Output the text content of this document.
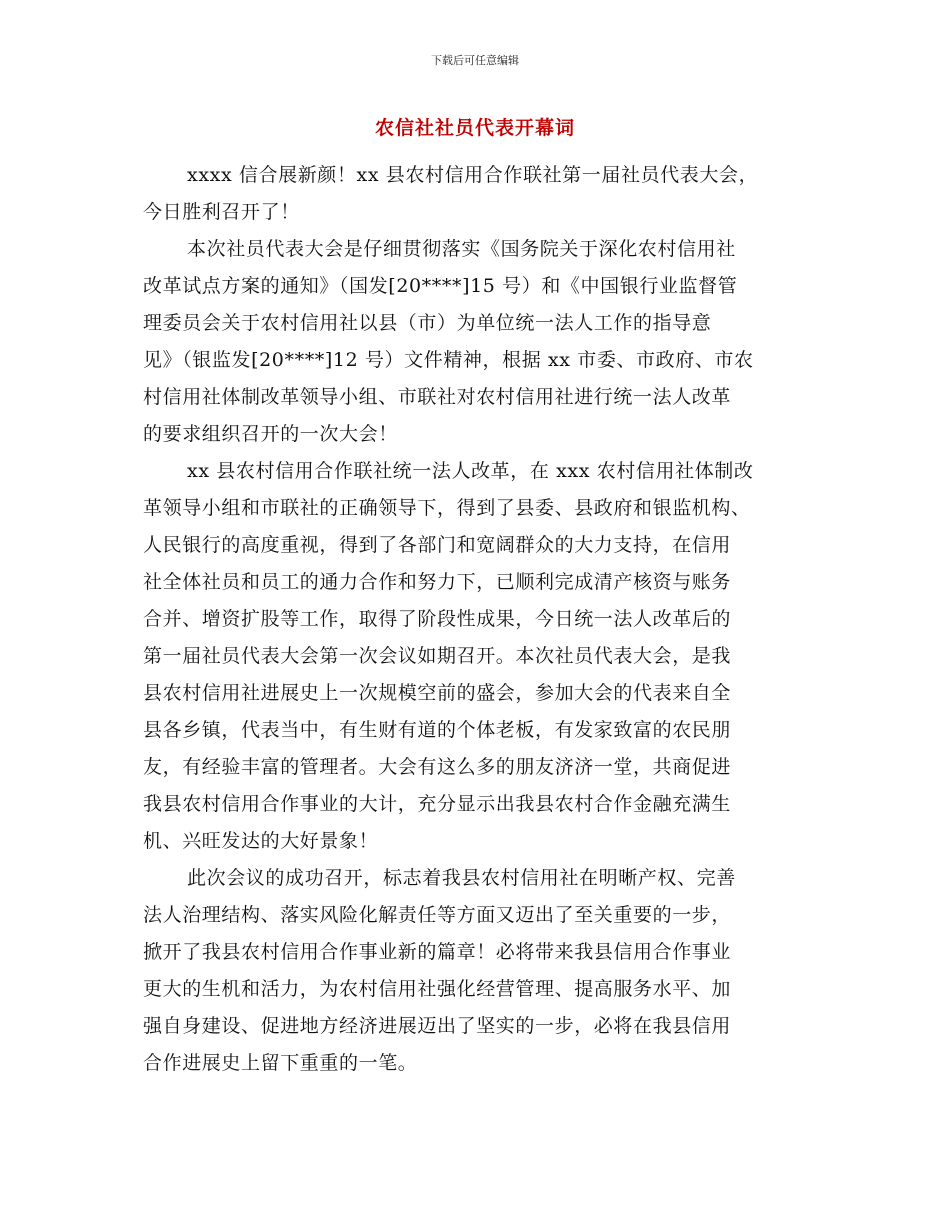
下载后可任意编辑
农信社社员代表开幕词
xxxx 信合展新颜！xx 县农村信用合作联社第一届社员代表大会，
今日胜利召开了！
本次社员代表大会是仔细贯彻落实《国务院关于深化农村信用社
改革试点方案的通知》（国发[20****]15 号）和《中国银行业监督管
理委员会关于农村信用社以县（市）为单位统一法人工作的指导意
见》（银监发[20****]12 号）文件精神，根据 xx 市委、市政府、市农
村信用社体制改革领导小组、市联社对农村信用社进行统一法人改革
的要求组织召开的一次大会！
xx 县农村信用合作联社统一法人改革，在 xxx 农村信用社体制改
革领导小组和市联社的正确领导下，得到了县委、县政府和银监机构、
人民银行的高度重视，得到了各部门和宽阔群众的大力支持，在信用
社全体社员和员工的通力合作和努力下，已顺利完成清产核资与账务
合并、增资扩股等工作，取得了阶段性成果，今日统一法人改革后的
第一届社员代表大会第一次会议如期召开。本次社员代表大会，是我
县农村信用社进展史上一次规模空前的盛会，参加大会的代表来自全
县各乡镇，代表当中，有生财有道的个体老板，有发家致富的农民朋
友，有经验丰富的管理者。大会有这么多的朋友济济一堂，共商促进
我县农村信用合作事业的大计，充分显示出我县农村合作金融充满生
机、兴旺发达的大好景象！
此次会议的成功召开，标志着我县农村信用社在明晰产权、完善
法人治理结构、落实风险化解责任等方面又迈出了至关重要的一步，
掀开了我县农村信用合作事业新的篇章！必将带来我县信用合作事业
更大的生机和活力，为农村信用社强化经营管理、提高服务水平、加
强自身建设、促进地方经济进展迈出了坚实的一步，必将在我县信用
合作进展史上留下重重的一笔。
